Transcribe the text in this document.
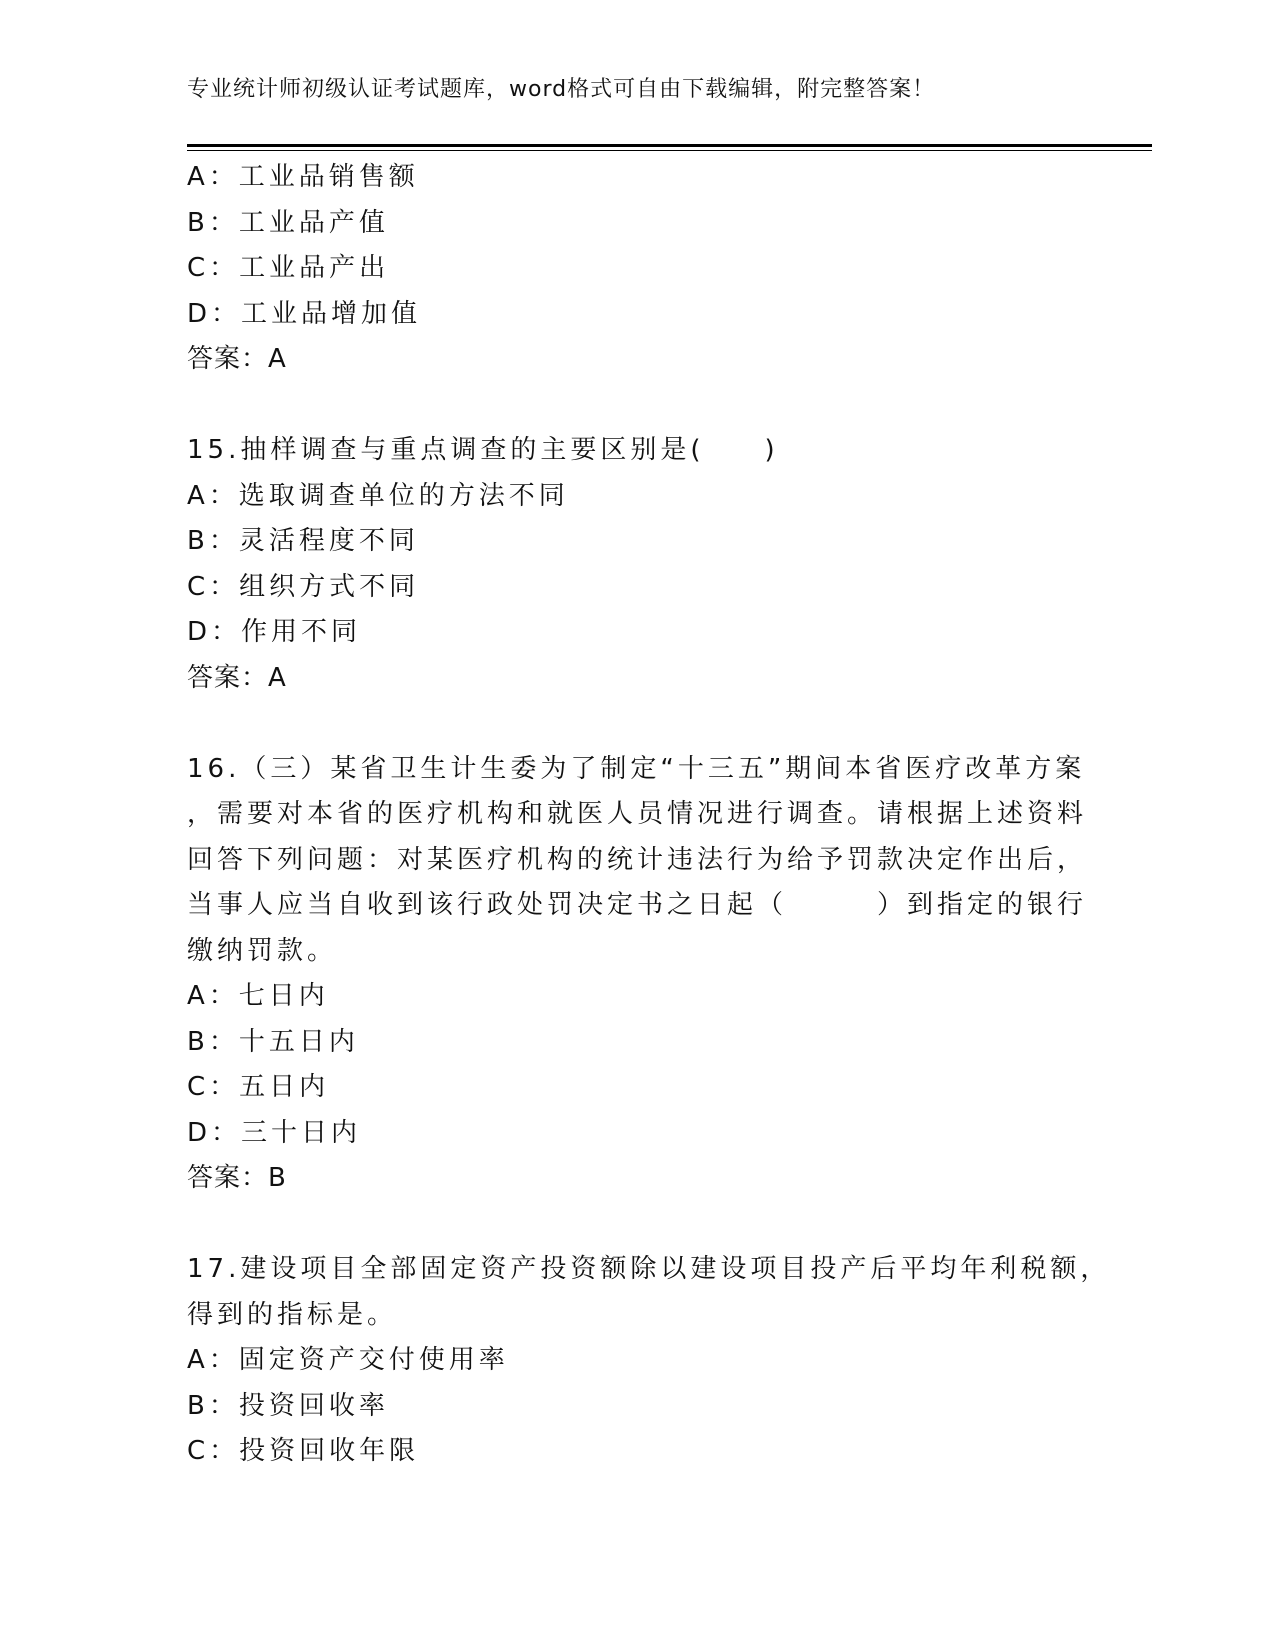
专业统计师初级认证考试题库，word格式可自由下载编辑，附完整答案！
A：工业品销售额
B：工业品产值
C：工业品产出
D：工业品增加值
答案：A
15.抽样调查与重点调查的主要区别是(　　)
A：选取调查单位的方法不同
B：灵活程度不同
C：组织方式不同
D：作用不同
答案：A
16.（三）某省卫生计生委为了制定“十三五”期间本省医疗改革方案
，需要对本省的医疗机构和就医人员情况进行调查。请根据上述资料
回答下列问题：对某医疗机构的统计违法行为给予罚款决定作出后，
当事人应当自收到该行政处罚决定书之日起（　　　）到指定的银行
缴纳罚款。
A：七日内
B：十五日内
C：五日内
D：三十日内
答案：B
17.建设项目全部固定资产投资额除以建设项目投产后平均年利税额，
得到的指标是。
A：固定资产交付使用率
B：投资回收率
C：投资回收年限
